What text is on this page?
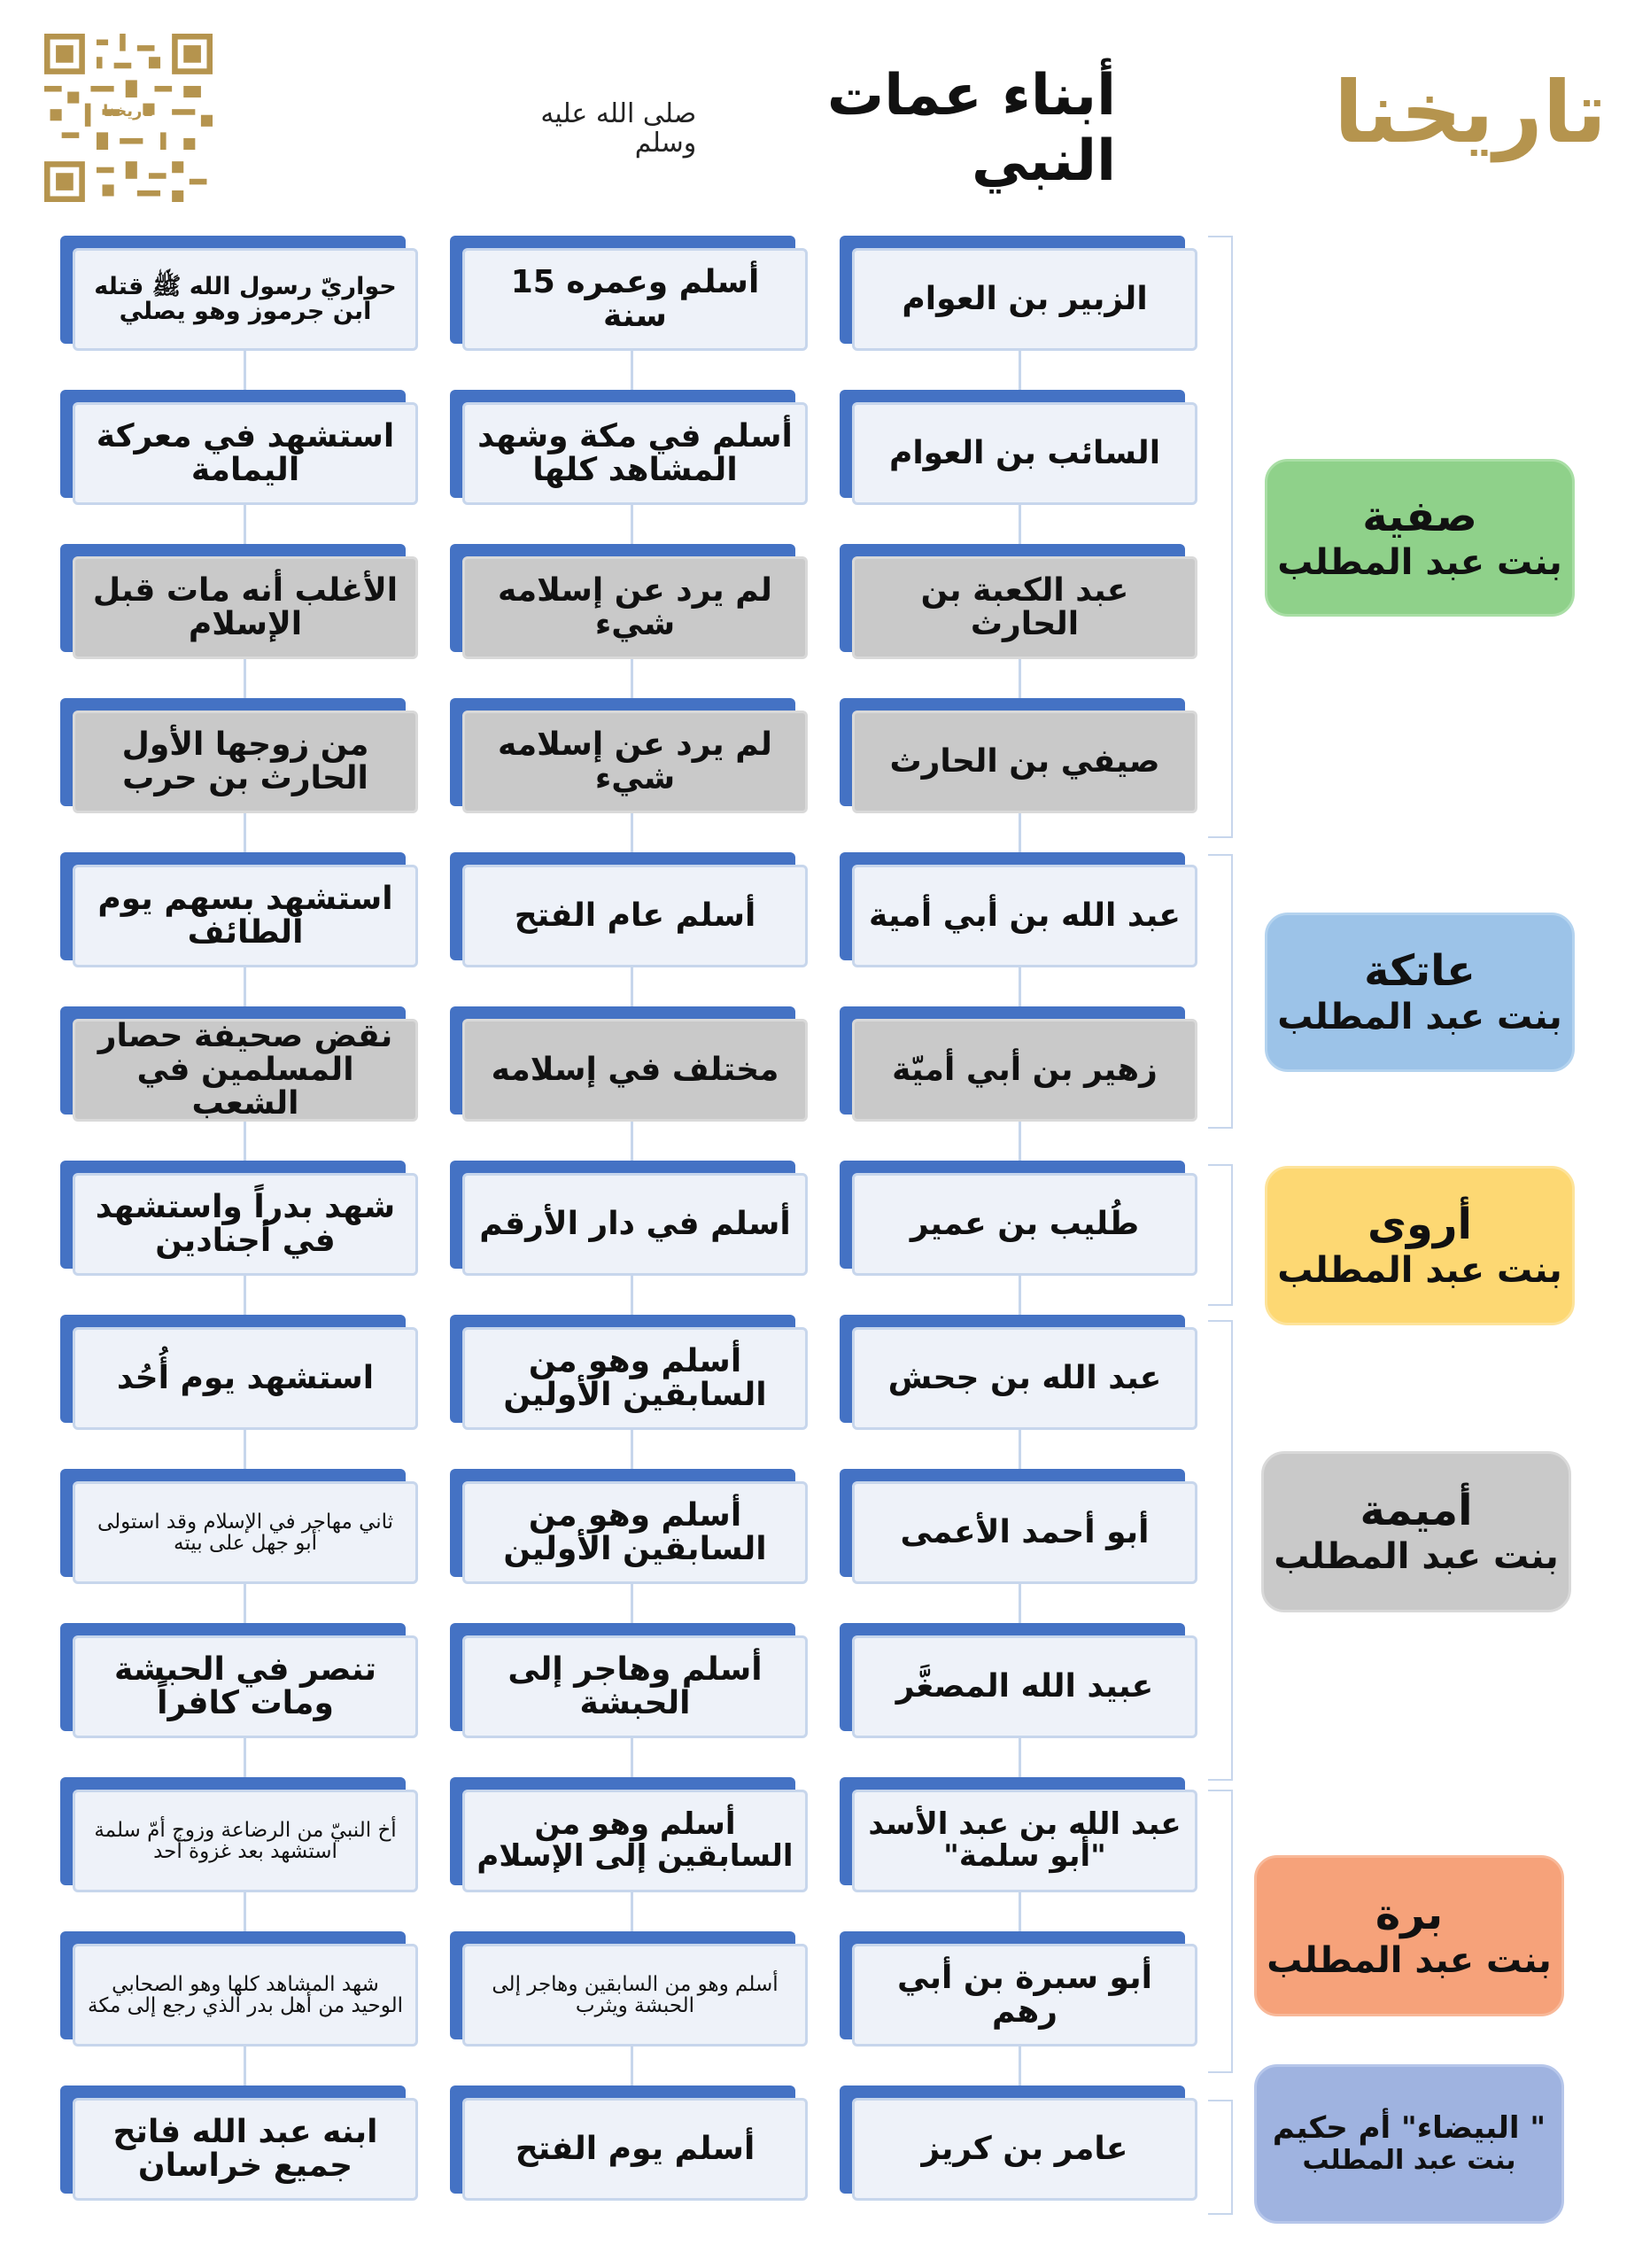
تاريخنا
تاريخنا	أبناء عمات النبي
صلى الله عليه وسلم
صفية
بنت عبد المطلب
عاتكة
بنت عبد المطلب
أروى
بنت عبد المطلب
أميمة
بنت عبد المطلب
برة
بنت عبد المطلب
" البيضاء" أم حكيم
بنت عبد المطلب
الزبير بن العوام
أسلم وعمره 15 سنة
حواريّ رسول الله ﷺ قتله ابن جرموز وهو يصلي
السائب بن العوام
أسلم في مكة وشهد المشاهد كلها
استشهد في معركة اليمامة
عبد الكعبة بن الحارث
لم يرد عن إسلامه شيء
الأغلب أنه مات قبل الإسلام
صيفي بن الحارث
لم يرد عن إسلامه شيء
من زوجها الأول الحارث بن حرب
عبد الله بن أبي أمية
أسلم عام الفتح
استشهد بسهم يوم الطائف
زهير بن أبي أميّة
مختلف في إسلامه
نقض صحيفة حصار المسلمين في الشعب
طُليب بن عمير
أسلم في دار الأرقم
شهد بدراً واستشهد في أجنادين
عبد الله بن جحش
أسلم وهو من السابقين الأولين
استشهد يوم أُحُد
أبو أحمد الأعمى
أسلم وهو من السابقين الأولين
ثاني مهاجر في الإسلام وقد استولى أبو جهل على بيته
عبيد الله المصغَّر
أسلم وهاجر إلى الحبشة
تنصر في الحبشة ومات كافراً
عبد الله بن عبد الأسد "أبو سلمة"
أسلم وهو من السابقين إلى الإسلام
أخ النبيّ من الرضاعة وزوج أمّ سلمة استشهد بعد غزوة أحد
أبو سبرة بن أبي رهم
أسلم وهو من السابقين وهاجر إلى الحبشة ويثرب
شهد المشاهد كلها وهو الصحابي الوحيد من أهل بدر الذي رجع إلى مكة
عامر بن كريز
أسلم يوم الفتح
ابنه عبد الله فاتح جميع خراسان
